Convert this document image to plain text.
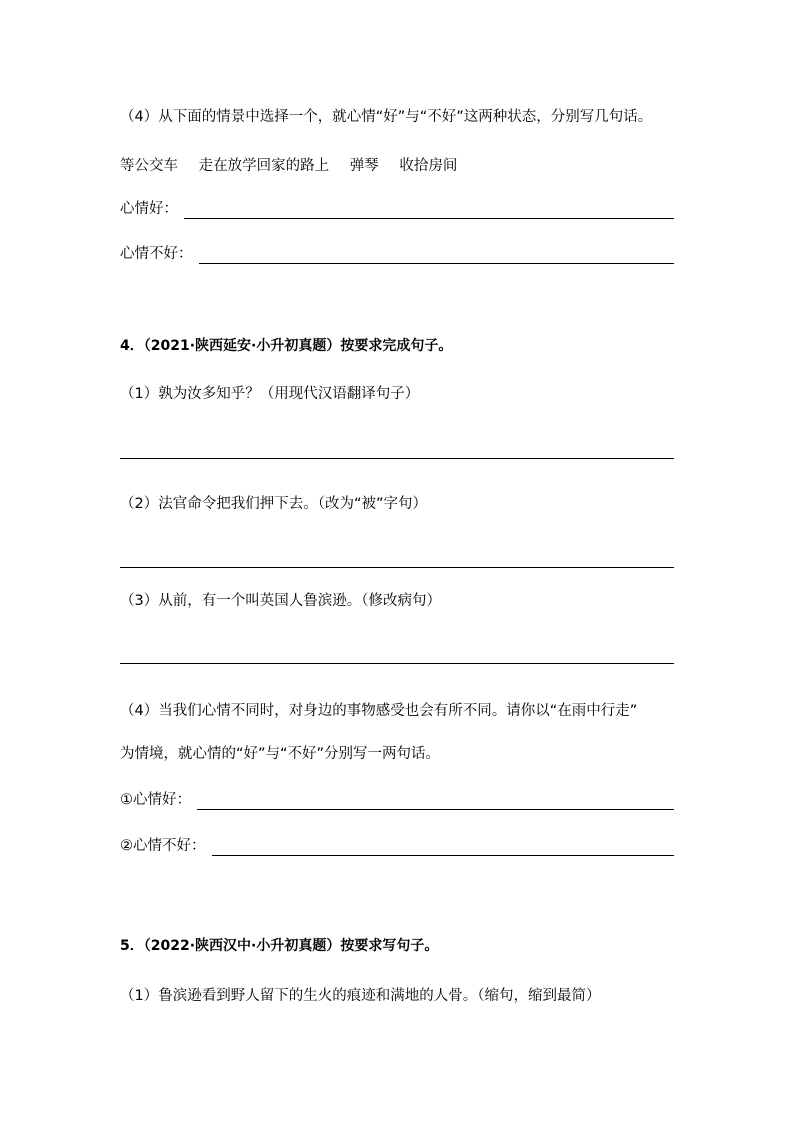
（4）从下面的情景中选择一个，就心情“好”与“不好”这两种状态，分别写几句话。
等公交车 走在放学回家的路上 弹琴 收拾房间
心情好：
心情不好：
4．（2021·陕西延安·小升初真题）按要求完成句子。
（1）孰为汝多知乎？（用现代汉语翻译句子）
（2）法官命令把我们押下去。（改为“被”字句）
（3）从前，有一个叫英国人鲁滨逊。（修改病句）
（4）当我们心情不同时，对身边的事物感受也会有所不同。请你以“在雨中行走”
为情境，就心情的“好”与“不好”分别写一两句话。
①心情好：
②心情不好：
5．（2022·陕西汉中·小升初真题）按要求写句子。
（1）鲁滨逊看到野人留下的生火的痕迹和满地的人骨。（缩句，缩到最简）
